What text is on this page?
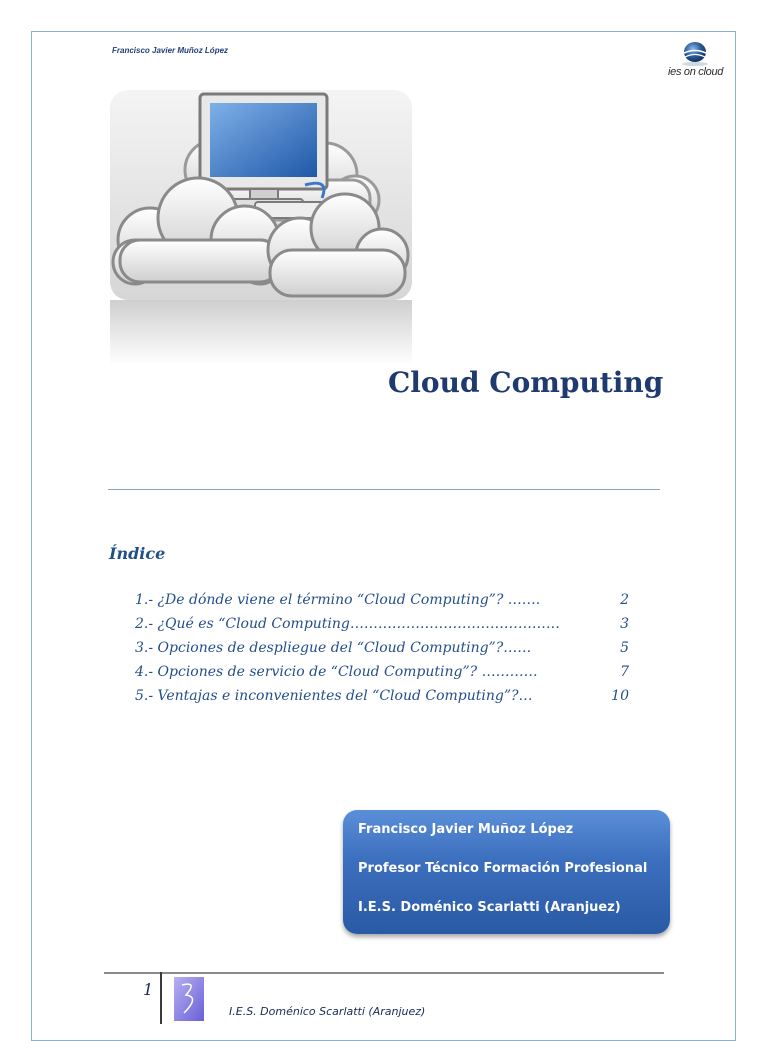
Francisco Javier Muñoz López
ies on cloud
Cloud Computing
Índice
1.- ¿De dónde viene el término “Cloud Computing”? …….	2
2.- ¿Qué es “Cloud Computing………………………………………	3
3.- Opciones de despliegue del “Cloud Computing”?……	5
4.- Opciones de servicio de “Cloud Computing”? …………	7
5.- Ventajas e inconvenientes del “Cloud Computing”?…	10
Francisco Javier Muñoz López
Profesor Técnico Formación Profesional
I.E.S. Doménico Scarlatti (Aranjuez)
1
I.E.S. Doménico Scarlatti (Aranjuez)
